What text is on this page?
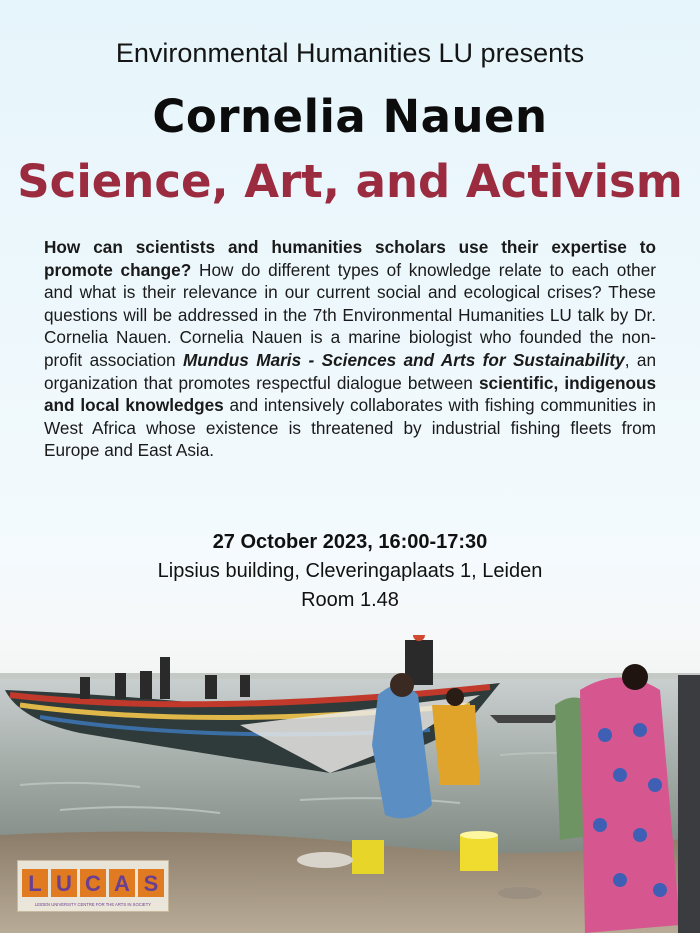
Environmental Humanities LU presents
Cornelia Nauen
Science, Art, and Activism
How can scientists and humanities scholars use their expertise to promote change? How do different types of knowledge relate to each other and what is their relevance in our current social and ecological crises? These questions will be addressed in the 7th Environmental Humanities LU talk by Dr. Cornelia Nauen. Cornelia Nauen is a marine biologist who founded the non-profit association Mundus Maris - Sciences and Arts for Sustainability, an organization that promotes respectful dialogue between scientific, indigenous and local knowledges and intensively collaborates with fishing communities in West Africa whose existence is threatened by industrial fishing fleets from Europe and East Asia.
27 October 2023, 16:00-17:30
Lipsius building, Cleveringaplaats 1, Leiden
Room 1.48
L U C A S
LEIDEN UNIVERSITY CENTRE FOR THE ARTS IN SOCIETY
